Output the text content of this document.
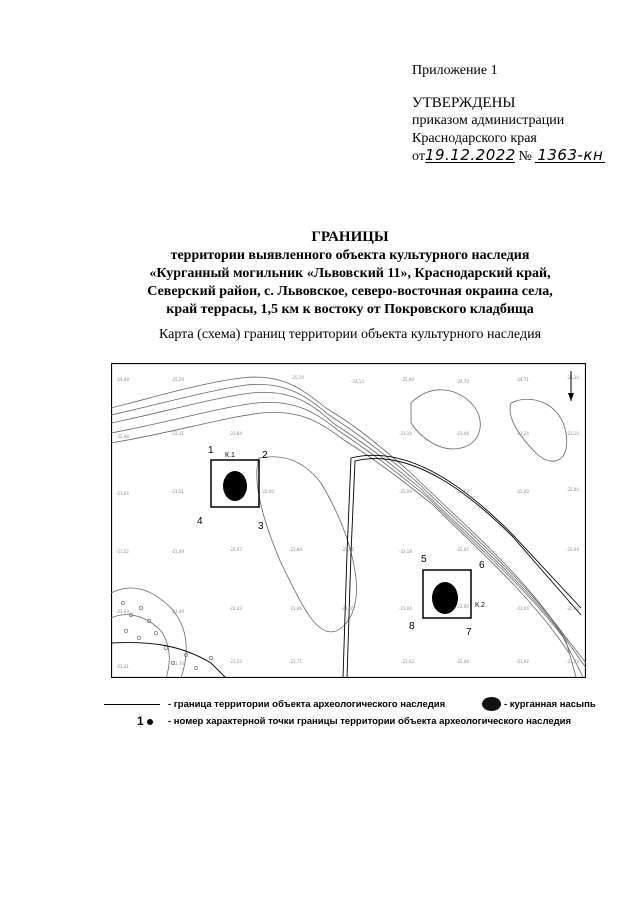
Приложение 1
УТВЕРЖДЕНЫ
приказом администрации
Краснодарского края
от19.12.2022 № 1363-кн
ГРАНИЦЫ
территории выявленного объекта культурного наследия
«Курганный могильник «Львовский 11», Краснодарский край,
Северский район, с. Львовское, северо-восточная окраина села,
край террасы, 1,5 км к востоку от Покровского кладбища
Карта (схема) границ территории объекта культурного наследия
-24,48	-25,29	-25,10
-24,13	-25,00	-24,70	-24,71	-24,34
-22,48
-22,11	-23,84	-23,14	-23,46	-23,24	-23,10
-21,64	-21,51	-22,00	-22,04	-22,53	-22,00	-22,04
-21,52	-21,49	-22,07	-21,88	-22,06	-22,18	-22,07	-22,04
-21,43	-21,49
-22,43	-21,86	-22,00	-22,04	-22,00	-22,04	-22,04
-21,41
-21,74	-21,23	-21,71	-21,02	-22,08	-21,02	-21,34
К.1
1	2
3
4
К.2
5
6
7
8
- граница территории объекта археологического наследия	- курганная насыпь
1	- номер характерной точки границы территории объекта археологического наследия
